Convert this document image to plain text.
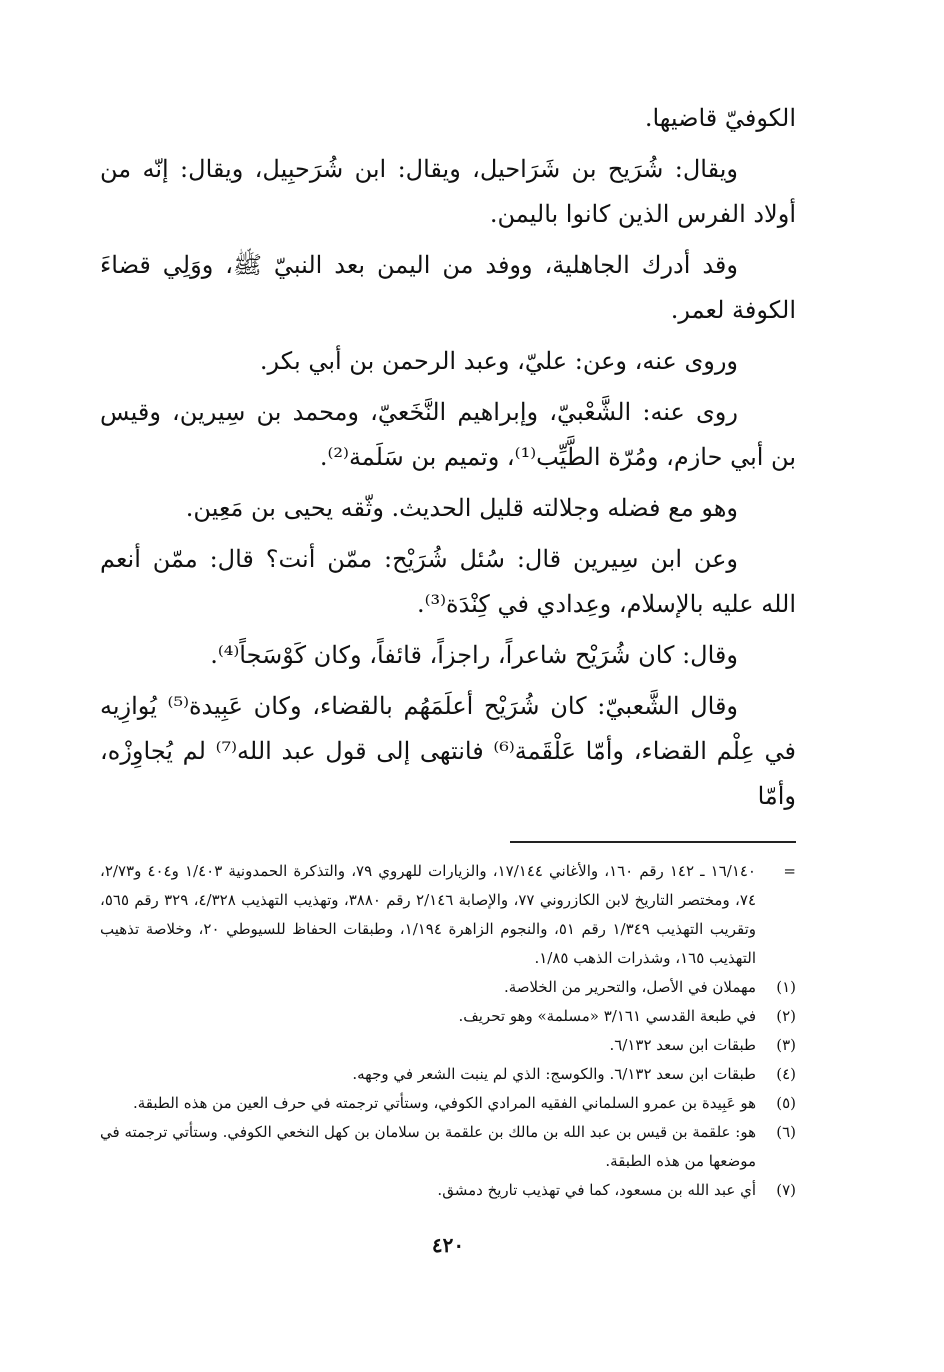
الكوفيّ قاضيها.

ويقال: شُرَيح بن شَرَاحيل، ويقال: ابن شُرَحبِيل، ويقال: إنّه من أولاد الفرس الذين كانوا باليمن.

وقد أدرك الجاهلية، ووفد من اليمن بعد النبيّ ﷺ، ووَلِي قضاءَ الكوفة لعمر.

وروى عنه، وعن: عليّ، وعبد الرحمن بن أبي بكر.

روى عنه: الشَّعْبيّ، وإبراهيم النَّخَعيّ، ومحمد بن سِيرين، وقيس بن أبي حازم، ومُرّة الطَّيِّب⁽¹⁾، وتميم بن سَلَمة⁽²⁾.

وهو مع فضله وجلالته قليل الحديث. وثّقه يحيى بن مَعِين.

وعن ابن سِيرين قال: سُئل شُرَيْح: ممّن أنت؟ قال: ممّن أنعم الله عليه بالإسلام، وعِدادي في كِنْدَة⁽³⁾.

وقال: كان شُرَيْح شاعراً، راجزاً، قائفاً، وكان كَوْسَجاً⁽⁴⁾.

وقال الشَّعبيّ: كان شُرَيْح أعلَمَهُم بالقضاء، وكان عَبِيدة⁽⁵⁾ يُوازِيه في عِلْم القضاء، وأمّا عَلْقَمة⁽⁶⁾ فانتهى إلى قول عبد الله⁽⁷⁾ لم يُجاوِزْه، وأمّا

=
١٦/١٤٠ ـ ١٤٢ رقم ١٦٠، والأغاني ١٧/١٤٤، والزيارات للهروي ٧٩، والتذكرة الحمدونية ١/٤٠٣ و٤٠٤ و٢/٧٣، ٧٤، ومختصر التاريخ لابن الكازروني ٧٧، والإصابة ٢/١٤٦ رقم ٣٨٨٠، وتهذيب التهذيب ٤/٣٢٨، ٣٢٩ رقم ٥٦٥، وتقريب التهذيب ١/٣٤٩ رقم ٥١، والنجوم الزاهرة ١/١٩٤، وطبقات الحفاظ للسيوطي ٢٠، وخلاصة تذهيب التهذيب ١٦٥، وشذرات الذهب ١/٨٥.
(١)
مهملان في الأصل، والتحرير من الخلاصة.
(٢)
في طبعة القدسي ٣/١٦١ «مسلمة» وهو تحريف.
(٣)
طبقات ابن سعد ٦/١٣٢.
(٤)
طبقات ابن سعد ٦/١٣٢. والكوسج: الذي لم ينبت الشعر في وجهه.
(٥)
هو عَبِيدة بن عمرو السلماني الفقيه المرادي الكوفي، وستأتي ترجمته في حرف العين من هذه الطبقة.
(٦)
هو: علقمة بن قيس بن عبد الله بن مالك بن علقمة بن سلامان بن كهل النخعي الكوفي. وستأتي ترجمته في موضعها من هذه الطبقة.
(٧)
أي عبد الله بن مسعود، كما في تهذيب تاريخ دمشق.
٤٢٠
